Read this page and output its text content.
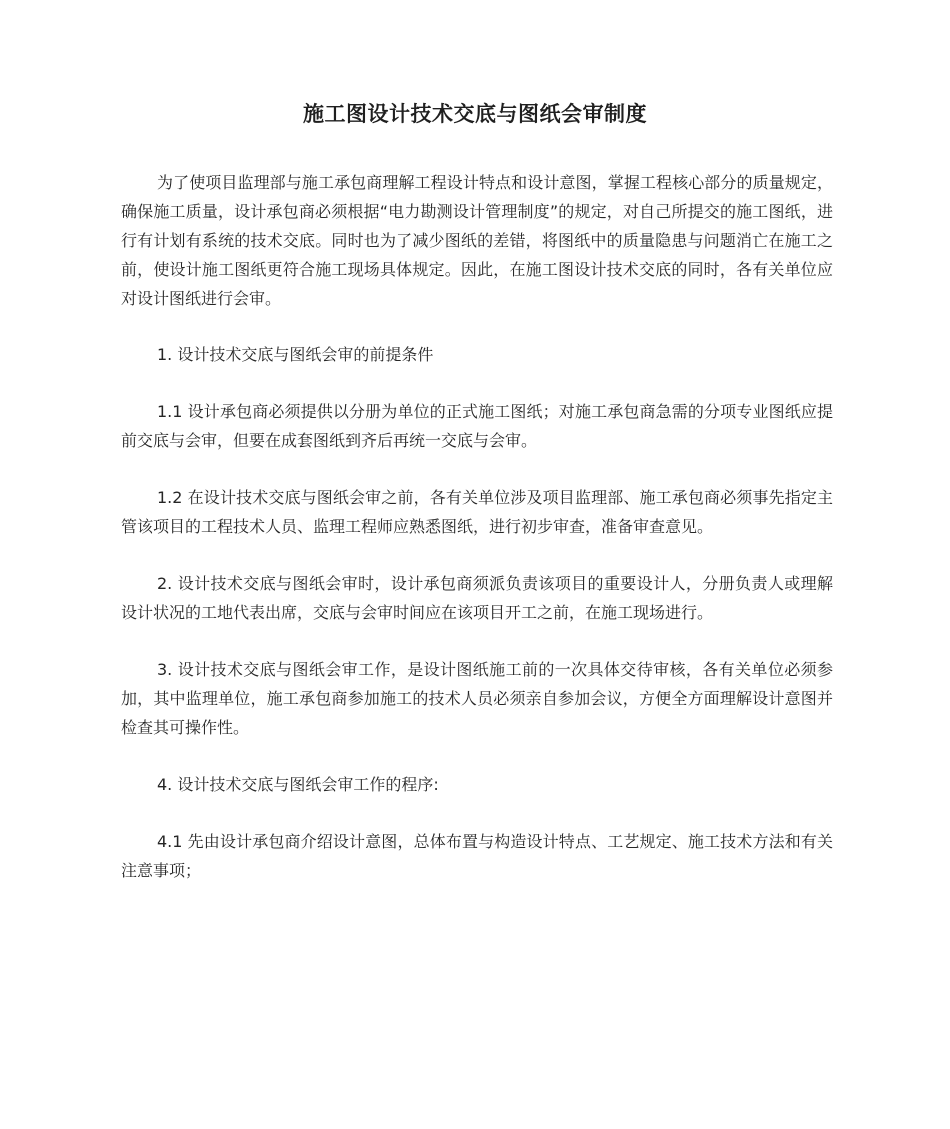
施工图设计技术交底与图纸会审制度

为了使项目监理部与施工承包商理解工程设计特点和设计意图，掌握工程核心部分的质量规定，确保施工质量，设计承包商必须根据“电力勘测设计管理制度”的规定，对自己所提交的施工图纸，进行有计划有系统的技术交底。同时也为了减少图纸的差错，将图纸中的质量隐患与问题消亡在施工之前，使设计施工图纸更符合施工现场具体规定。因此，在施工图设计技术交底的同时，各有关单位应对设计图纸进行会审。

1. 设计技术交底与图纸会审的前提条件

1.1 设计承包商必须提供以分册为单位的正式施工图纸；对施工承包商急需的分项专业图纸应提前交底与会审，但要在成套图纸到齐后再统一交底与会审。

1.2 在设计技术交底与图纸会审之前，各有关单位涉及项目监理部、施工承包商必须事先指定主管该项目的工程技术人员、监理工程师应熟悉图纸，进行初步审查，准备审查意见。

2. 设计技术交底与图纸会审时，设计承包商须派负责该项目的重要设计人，分册负责人或理解设计状况的工地代表出席，交底与会审时间应在该项目开工之前，在施工现场进行。

3. 设计技术交底与图纸会审工作，是设计图纸施工前的一次具体交待审核，各有关单位必须参加，其中监理单位，施工承包商参加施工的技术人员必须亲自参加会议，方便全方面理解设计意图并检查其可操作性。

4. 设计技术交底与图纸会审工作的程序:

4.1 先由设计承包商介绍设计意图，总体布置与构造设计特点、工艺规定、施工技术方法和有关注意事项；
